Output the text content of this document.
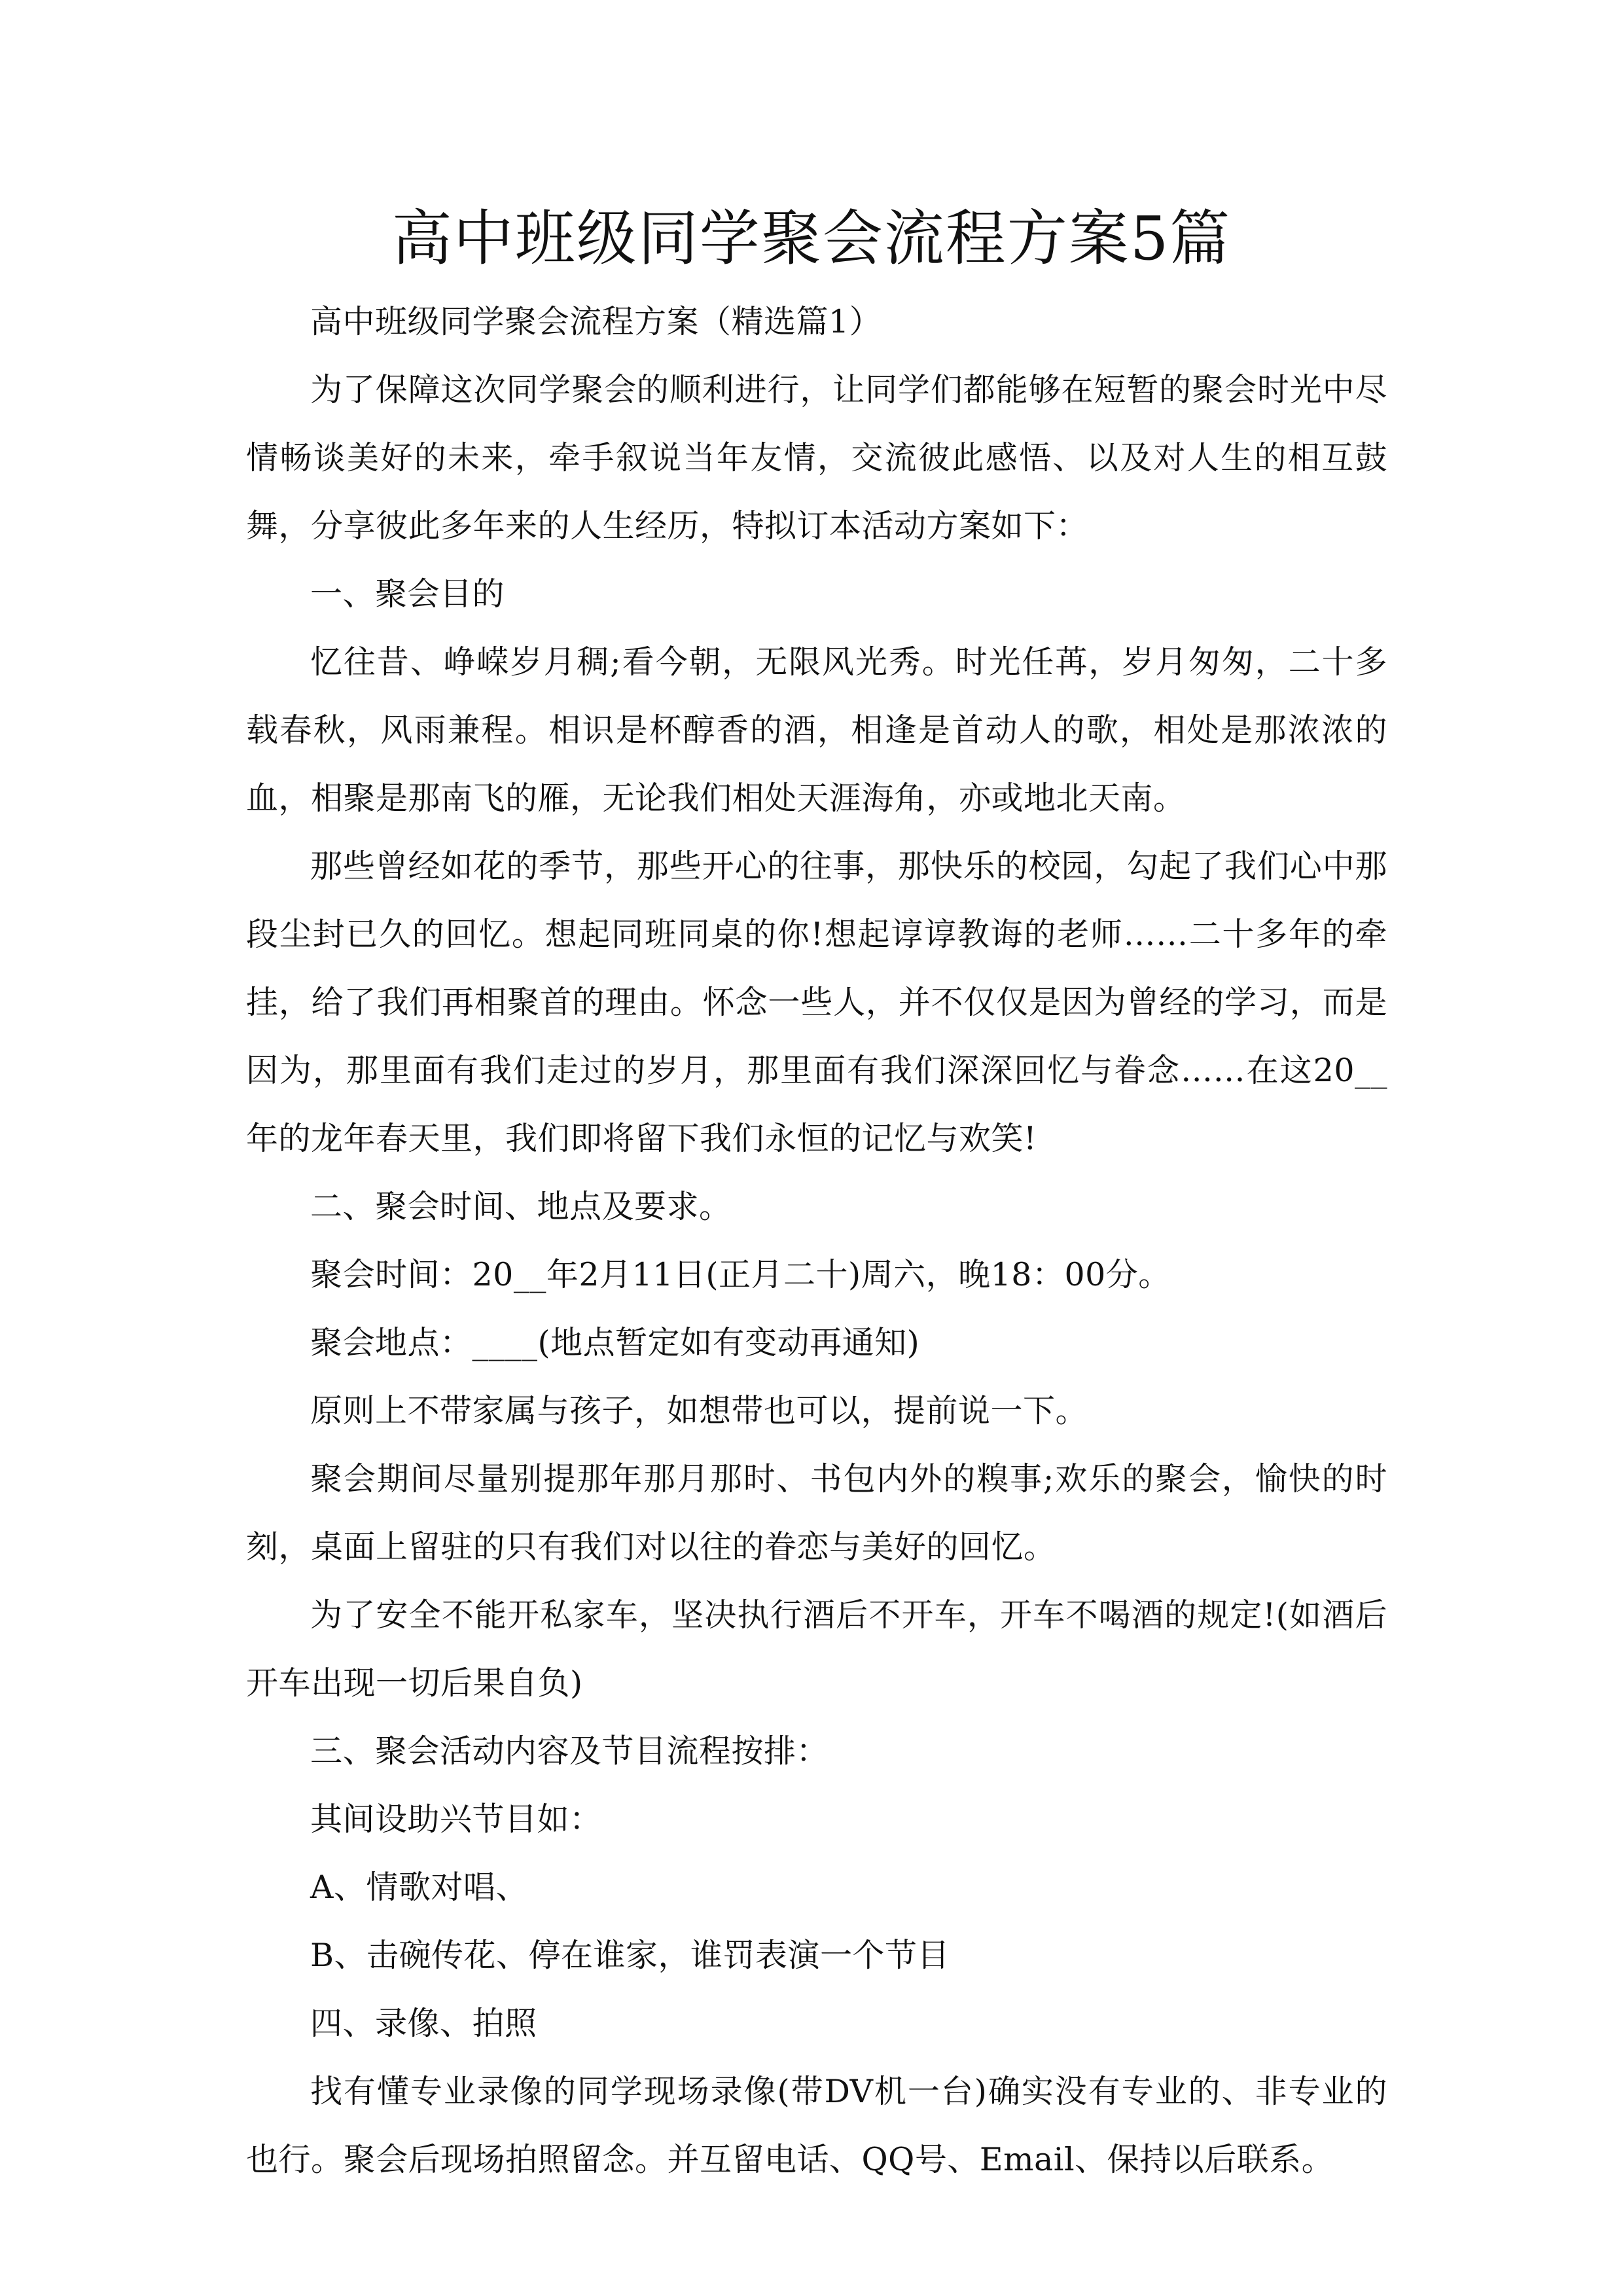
高中班级同学聚会流程方案5篇

高中班级同学聚会流程方案（精选篇1）

为了保障这次同学聚会的顺利进行，让同学们都能够在短暂的聚会时光中尽情畅谈美好的未来，牵手叙说当年友情，交流彼此感悟、以及对人生的相互鼓舞，分享彼此多年来的人生经历，特拟订本活动方案如下：

一、聚会目的

忆往昔、峥嵘岁月稠;看今朝，无限风光秀。时光任苒，岁月匆匆，二十多载春秋，风雨兼程。相识是杯醇香的酒，相逢是首动人的歌，相处是那浓浓的血，相聚是那南飞的雁，无论我们相处天涯海角，亦或地北天南。

那些曾经如花的季节，那些开心的往事，那快乐的校园，勾起了我们心中那段尘封已久的回忆。想起同班同桌的你!想起谆谆教诲的老师……二十多年的牵挂，给了我们再相聚首的理由。怀念一些人，并不仅仅是因为曾经的学习，而是因为，那里面有我们走过的岁月，那里面有我们深深回忆与眷念……在这20__年的龙年春天里，我们即将留下我们永恒的记忆与欢笑!

二、聚会时间、地点及要求。

聚会时间：20__年2月11日(正月二十)周六，晚18：00分。

聚会地点：____(地点暂定如有变动再通知)

原则上不带家属与孩子，如想带也可以，提前说一下。

聚会期间尽量别提那年那月那时、书包内外的糗事;欢乐的聚会，愉快的时刻，桌面上留驻的只有我们对以往的眷恋与美好的回忆。

为了安全不能开私家车，坚决执行酒后不开车，开车不喝酒的规定!(如酒后开车出现一切后果自负)

三、聚会活动内容及节目流程按排：

其间设助兴节目如：

A、情歌对唱、

B、击碗传花、停在谁家，谁罚表演一个节目

四、录像、拍照

找有懂专业录像的同学现场录像(带DV机一台)确实没有专业的、非专业的也行。聚会后现场拍照留念。并互留电话、QQ号、Email、保持以后联系。
